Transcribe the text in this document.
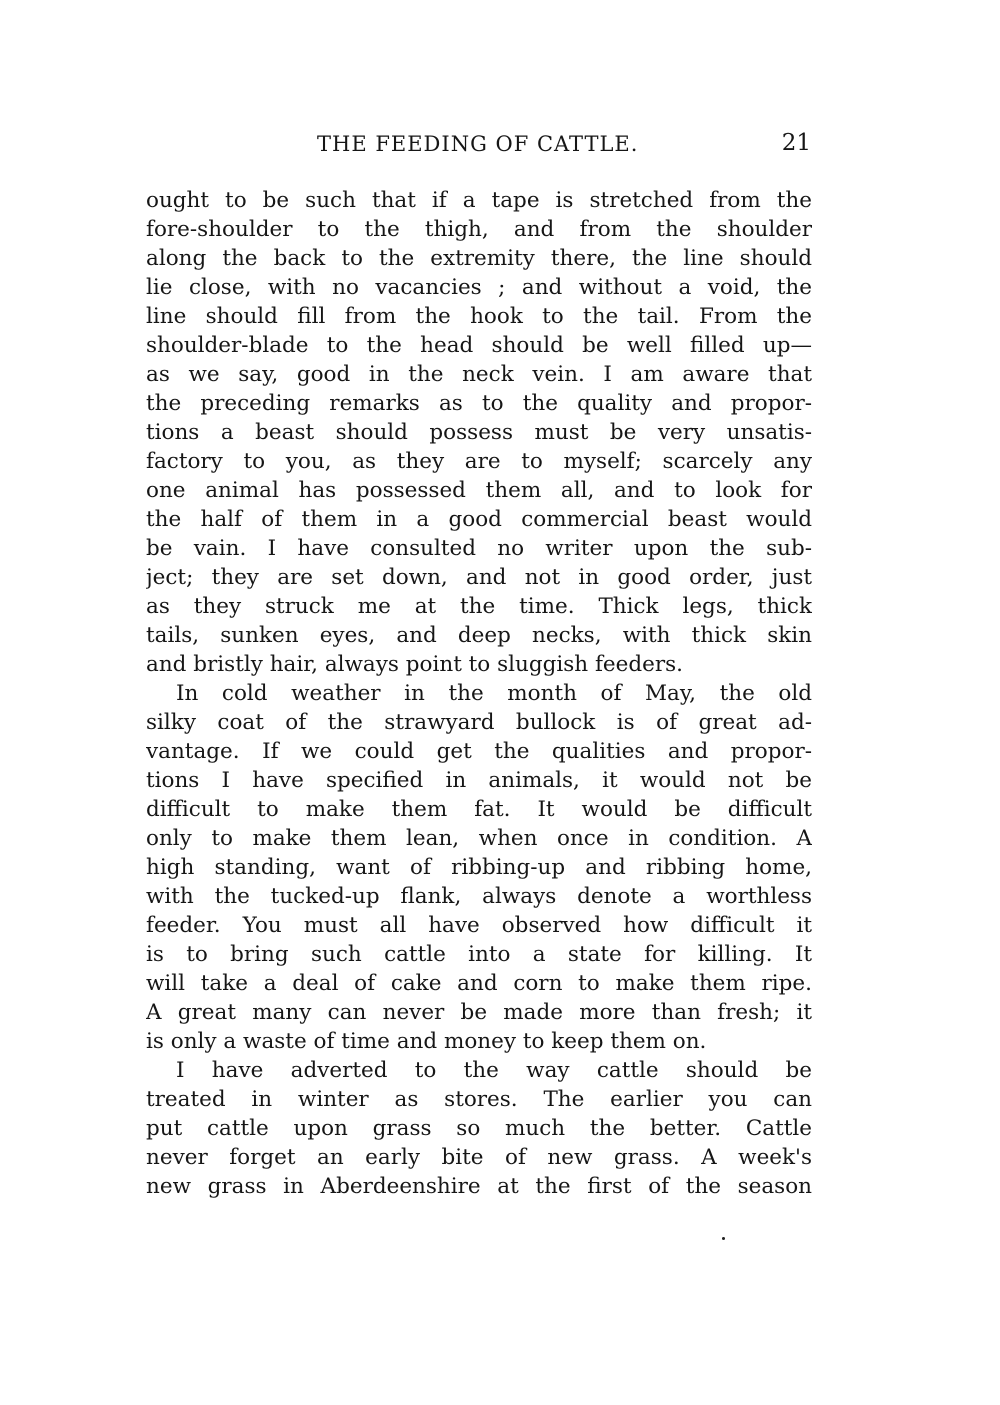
THE FEEDING OF CATTLE.	21
ought to be such that if a tape is stretched from the
fore-shoulder to the thigh, and from the shoulder
along the back to the extremity there, the line should
lie close, with no vacancies ; and without a void, the
line should fill from the hook to the tail. From the
shoulder-blade to the head should be well filled up—
as we say, good in the neck vein. I am aware that
the preceding remarks as to the quality and propor-
tions a beast should possess must be very unsatis-
factory to you, as they are to myself; scarcely any
one animal has possessed them all, and to look for
the half of them in a good commercial beast would
be vain. I have consulted no writer upon the sub-
ject; they are set down, and not in good order, just
as they struck me at the time. Thick legs, thick
tails, sunken eyes, and deep necks, with thick skin
and bristly hair, always point to sluggish feeders.
In cold weather in the month of May, the old
silky coat of the strawyard bullock is of great ad-
vantage. If we could get the qualities and propor-
tions I have specified in animals, it would not be
difficult to make them fat. It would be difficult
only to make them lean, when once in condition. A
high standing, want of ribbing-up and ribbing home,
with the tucked-up flank, always denote a worthless
feeder. You must all have observed how difficult it
is to bring such cattle into a state for killing. It
will take a deal of cake and corn to make them ripe.
A great many can never be made more than fresh; it
is only a waste of time and money to keep them on.
I have adverted to the way cattle should be
treated in winter as stores. The earlier you can
put cattle upon grass so much the better. Cattle
never forget an early bite of new grass. A week's
new grass in Aberdeenshire at the first of the season
